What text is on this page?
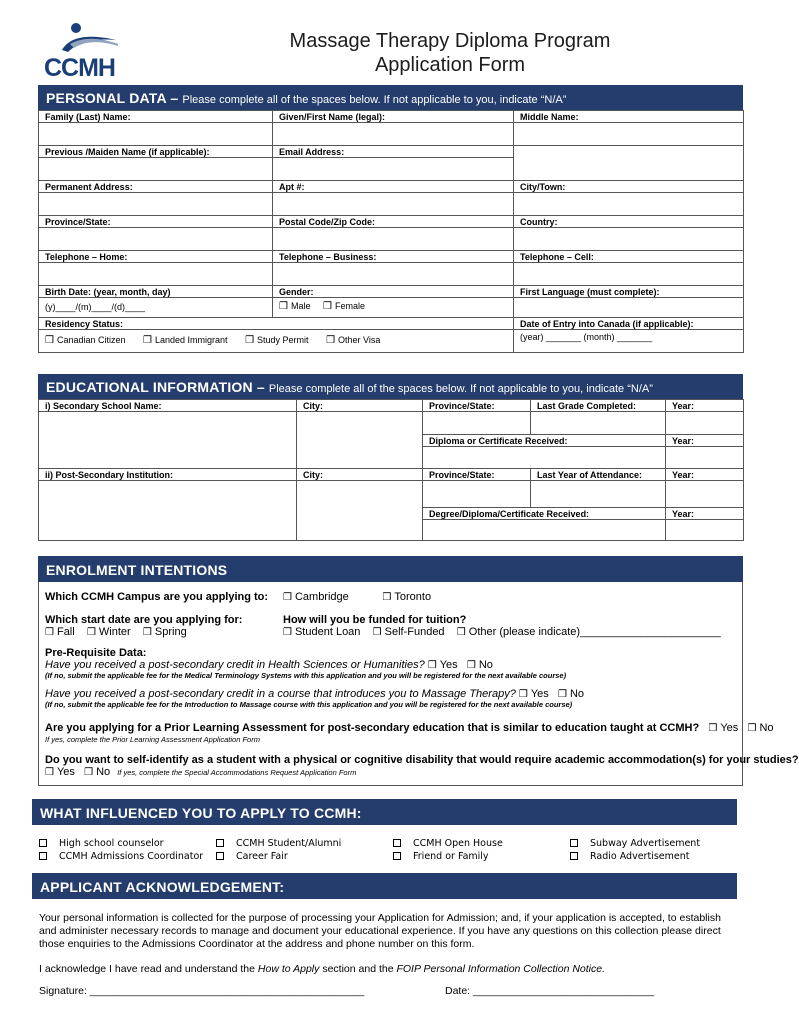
CCMH
Massage Therapy Diploma Program
Application Form
PERSONAL DATA – Please complete all of the spaces below. If not applicable to you, indicate “N/A”
Family (Last) Name:	Given/First Name (legal):	Middle Name:

Previous /Maiden Name (if applicable):	Email Address:	

Permanent Address:	Apt #:	City/Town:

Province/State:	Postal Code/Zip Code:	Country:

Telephone – Home:	Telephone – Business:	Telephone – Cell:

Birth Date: (year, month, day)	Gender:	First Language (must complete):
(y)____/(m)____/(d)____	❒ Male ❒ Female	
Residency Status:		Date of Entry into Canada (if applicable):
❒ Canadian Citizen ❒ Landed Immigrant ❒ Study Permit ❒ Other Visa		(year) _______ (month) _______
EDUCATIONAL INFORMATION – Please complete all of the spaces below. If not applicable to you, indicate “N/A”
i) Secondary School Name:	City:	Province/State:	Last Grade Completed:	Year:

		Diploma or Certificate Received:		Year:

ii) Post-Secondary Institution:	City:	Province/State:	Last Year of Attendance:	Year:

		Degree/Diploma/Certificate Received:		Year:

ENROLMENT INTENTIONS
Which CCMH Campus are you applying to: ❒ Cambridge	❒ Toronto
Which start date are you applying for:
❒ Fall ❒ Winter ❒ Spring
How will you be funded for tuition?
❒ Student Loan ❒ Self-Funded ❒ Other (please indicate)_______________________
Pre-Requisite Data:
Have you received a post-secondary credit in Health Sciences or Humanities? ❒ Yes ❒ No
(If no, submit the applicable fee for the Medical Terminology Systems with this application and you will be registered for the next available course)
Have you received a post-secondary credit in a course that introduces you to Massage Therapy? ❒ Yes ❒ No
(If no, submit the applicable fee for the Introduction to Massage course with this application and you will be registered for the next available course)
Are you applying for a Prior Learning Assessment for post-secondary education that is similar to education taught at CCMH? ❒ Yes ❒ No
If yes, complete the Prior Learning Assessment Application Form
Do you want to self-identify as a student with a physical or cognitive disability that would require academic accommodation(s) for your studies?
❒ Yes ❒ No If yes, complete the Special Accommodations Request Application Form
WHAT INFLUENCED YOU TO APPLY TO CCMH:
High school counselor
CCMH Admissions Coordinator
CCMH Student/Alumni
Career Fair
CCMH Open House
Friend or Family
Subway Advertisement
Radio Advertisement
APPLICANT ACKNOWLEDGEMENT:
Your personal information is collected for the purpose of processing your Application for Admission; and, if your application is accepted, to establish and administer necessary records to manage and document your educational experience. If you have any questions on this collection please direct those enquiries to the Admissions Coordinator at the address and phone number on this form.
I acknowledge I have read and understand the How to Apply section and the FOIP Personal Information Collection Notice.
Signature: _______________________________________________	Date: _______________________________
